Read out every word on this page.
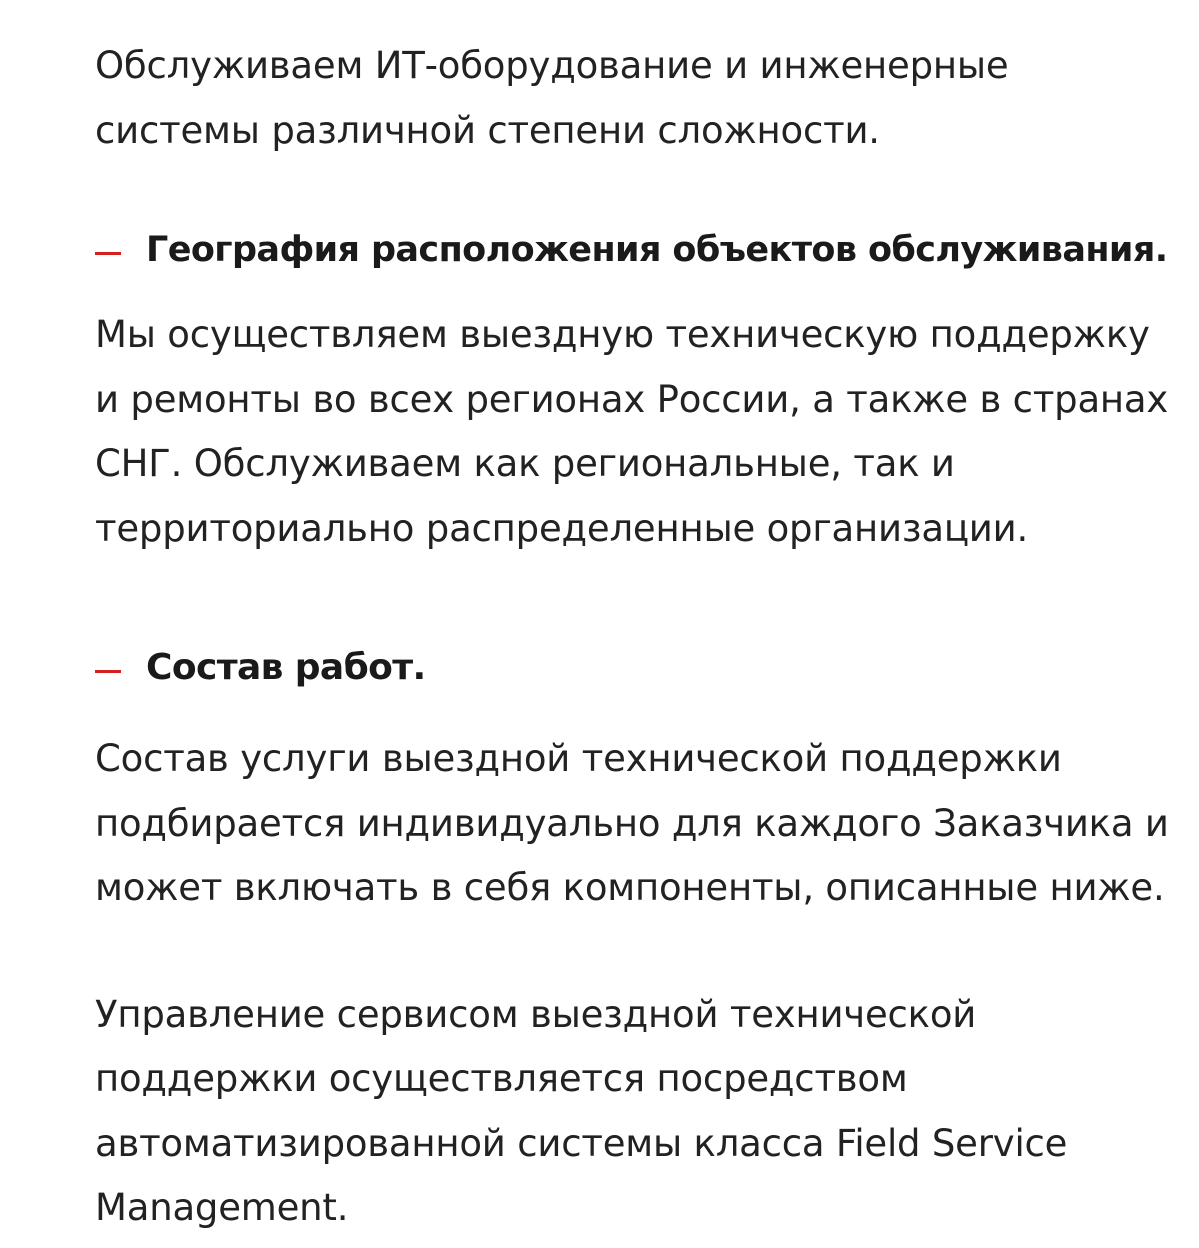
Обслуживаем ИТ-оборудование и инженерные
системы различной степени сложности.

География расположения объектов обслуживания.

Мы осуществляем выездную техническую поддержку
и ремонты во всех регионах России, а также в странах
СНГ. Обслуживаем как региональные, так и
территориально распределенные организации.

Состав работ.

Состав услуги выездной технической поддержки
подбирается индивидуально для каждого Заказчика и
может включать в себя компоненты, описанные ниже.

Управление сервисом выездной технической
поддержки осуществляется посредством
автоматизированной системы класса Field Service
Management.
